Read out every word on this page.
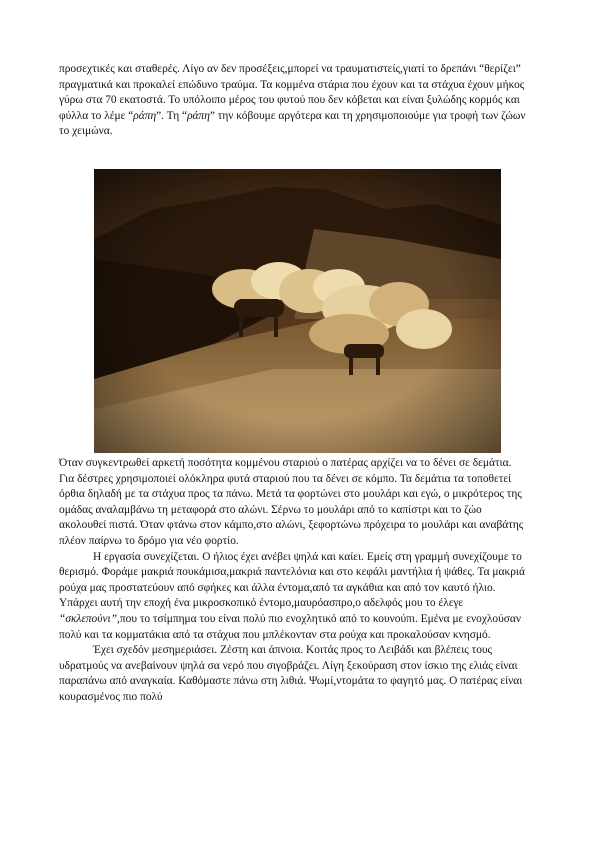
προσεχτικές και σταθερές. Λίγο αν δεν προσέξεις,μπορεί να τραυματιστείς,γιατί το δρεπάνι “θερίζει” πραγματικά και προκαλεί επώδυνο τραύμα. Τα κομμένα στάρια που έχουν και τα στάχυα έχουν μήκος γύρω στα 70 εκατοστά. Το υπόλοιπο μέρος του φυτού που δεν κόβεται και είναι ξυλώδης κορμός και φύλλα το λέμε “ράπη”. Τη “ράπη” την κόβουμε αργότερα και τη χρησιμοποιούμε για τροφή των ζώων το χειμώνα.

Όταν συγκεντρωθεί αρκετή ποσότητα κομμένου σταριού ο πατέρας αρχίζει να το δένει σε δεμάτια. Για δέστρες χρησιμοποιεί ολόκληρα φυτά σταριού που τα δένει σε κόμπο. Τα δεμάτια τα τοποθετεί όρθια δηλαδή με τα στάχυα προς τα πάνω. Μετά τα φορτώνει στο μουλάρι και εγώ, ο μικρότερος της ομάδας αναλαμβάνω τη μεταφορά στο αλώνι. Σέρνω το μουλάρι από το καπίστρι και το ζώο ακολουθεί πιστά. Όταν φτάνω στον κάμπο,στο αλώνι, ξεφορτώνω πρόχειρα το μουλάρι και αναβάτης πλέον παίρνω το δρόμο για νέο φορτίο.

Η εργασία συνεχίζεται. Ο ήλιος έχει ανέβει ψηλά και καίει. Εμείς στη γραμμή συνεχίζουμε το θερισμό. Φοράμε μακριά πουκάμισα,μακριά παντελόνια και στο κεφάλι μαντήλια ή ψάθες. Τα μακριά ρούχα μας προστατεύουν από σφήκες και άλλα έντομα,από τα αγκάθια και από τον καυτό ήλιο. Υπάρχει αυτή την εποχή ένα μικροσκοπικό έντομο,μαυρόασπρο,ο αδελφός μου το έλεγε “σκλεπούνι”,που το τσίμπημα του είναι πολύ πιο ενοχλητικό από το κουνούπι. Εμένα με ενοχλούσαν πολύ και τα κομματάκια από τα στάχυα που μπλέκονταν στα ρούχα και προκαλούσαν κνησμό.

Έχει σχεδόν μεσημεριάσει. Ζέστη και άπνοια. Κοιτάς προς το Λειβάδι και βλέπεις τους υδρατμούς να ανεβαίνουν ψηλά σα νερό που σιγοβράζει. Λίγη ξεκούραση στον ίσκιο της ελιάς είναι παραπάνω από αναγκαία. Καθόμαστε πάνω στη λιθιά. Ψωμί,ντομάτα το φαγητό μας. Ο πατέρας είναι κουρασμένος πιο πολύ
